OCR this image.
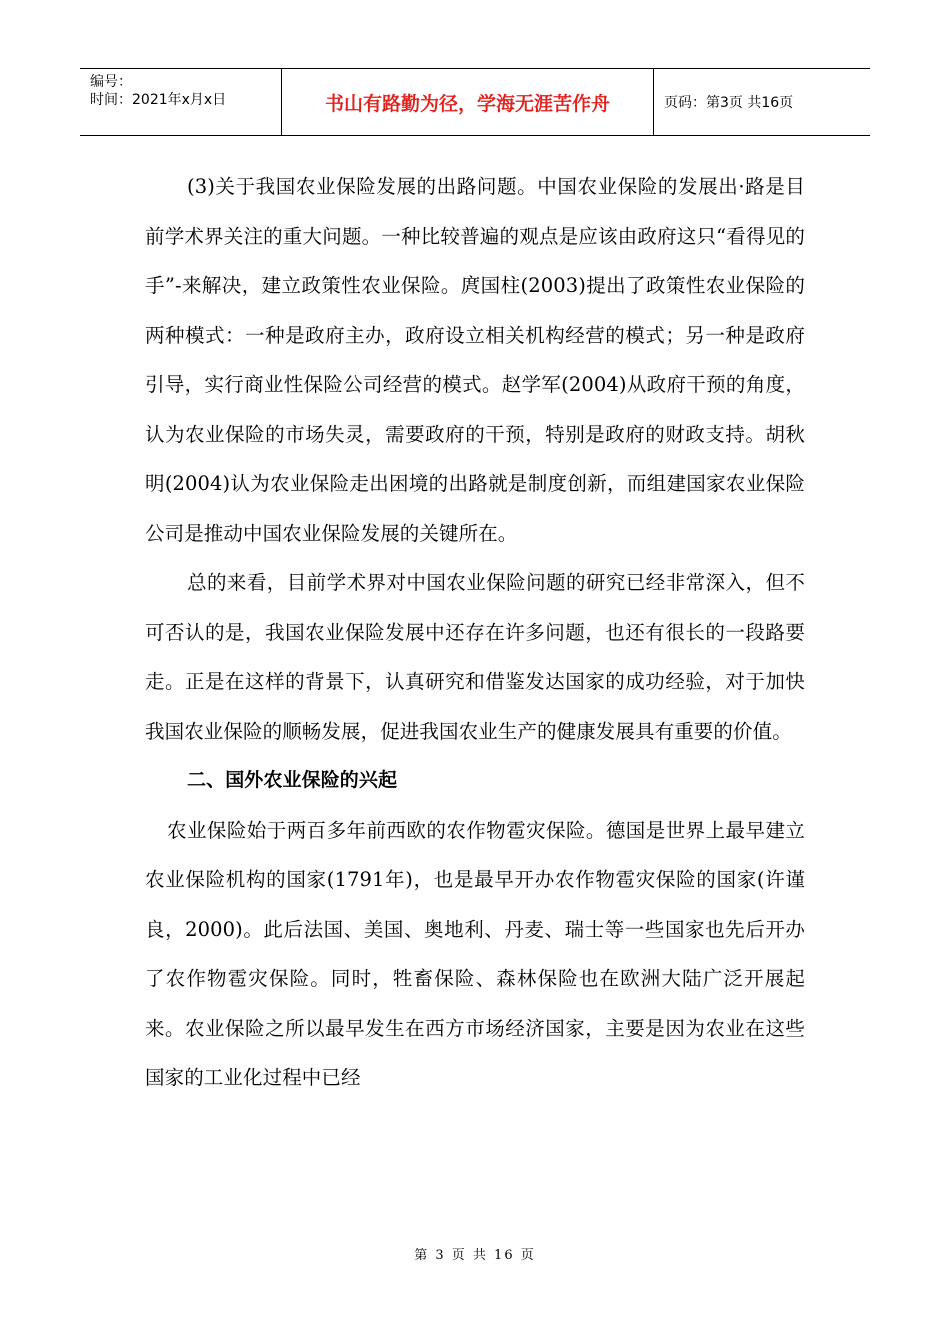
编号：
时间：2021年x月x日	书山有路勤为径，学海无涯苦作舟	页码：第3页 共16页

(3)关于我国农业保险发展的出路问题。中国农业保险的发展出·路是目前学术界关注的重大问题。一种比较普遍的观点是应该由政府这只“看得见的手”-来解决，建立政策性农业保险。庹国柱(2003)提出了政策性农业保险的两种模式：一种是政府主办，政府设立相关机构经营的模式；另一种是政府引导，实行商业性保险公司经营的模式。赵学军(2004)从政府干预的角度，认为农业保险的市场失灵，需要政府的干预，特别是政府的财政支持。胡秋明(2004)认为农业保险走出困境的出路就是制度创新，而组建国家农业保险公司是推动中国农业保险发展的关键所在。

总的来看，目前学术界对中国农业保险问题的研究已经非常深入，但不可否认的是，我国农业保险发展中还存在许多问题，也还有很长的一段路要走。正是在这样的背景下，认真研究和借鉴发达国家的成功经验，对于加快我国农业保险的顺畅发展，促进我国农业生产的健康发展具有重要的价值。

二、国外农业保险的兴起

农业保险始于两百多年前西欧的农作物雹灾保险。德国是世界上最早建立农业保险机构的国家(1791年)，也是最早开办农作物雹灾保险的国家(许谨良，2000)。此后法国、美国、奥地利、丹麦、瑞士等一些国家也先后开办了农作物雹灾保险。同时，牲畜保险、森林保险也在欧洲大陆广泛开展起来。农业保险之所以最早发生在西方市场经济国家，主要是因为农业在这些国家的工业化过程中已经

第 3 页 共 16 页
